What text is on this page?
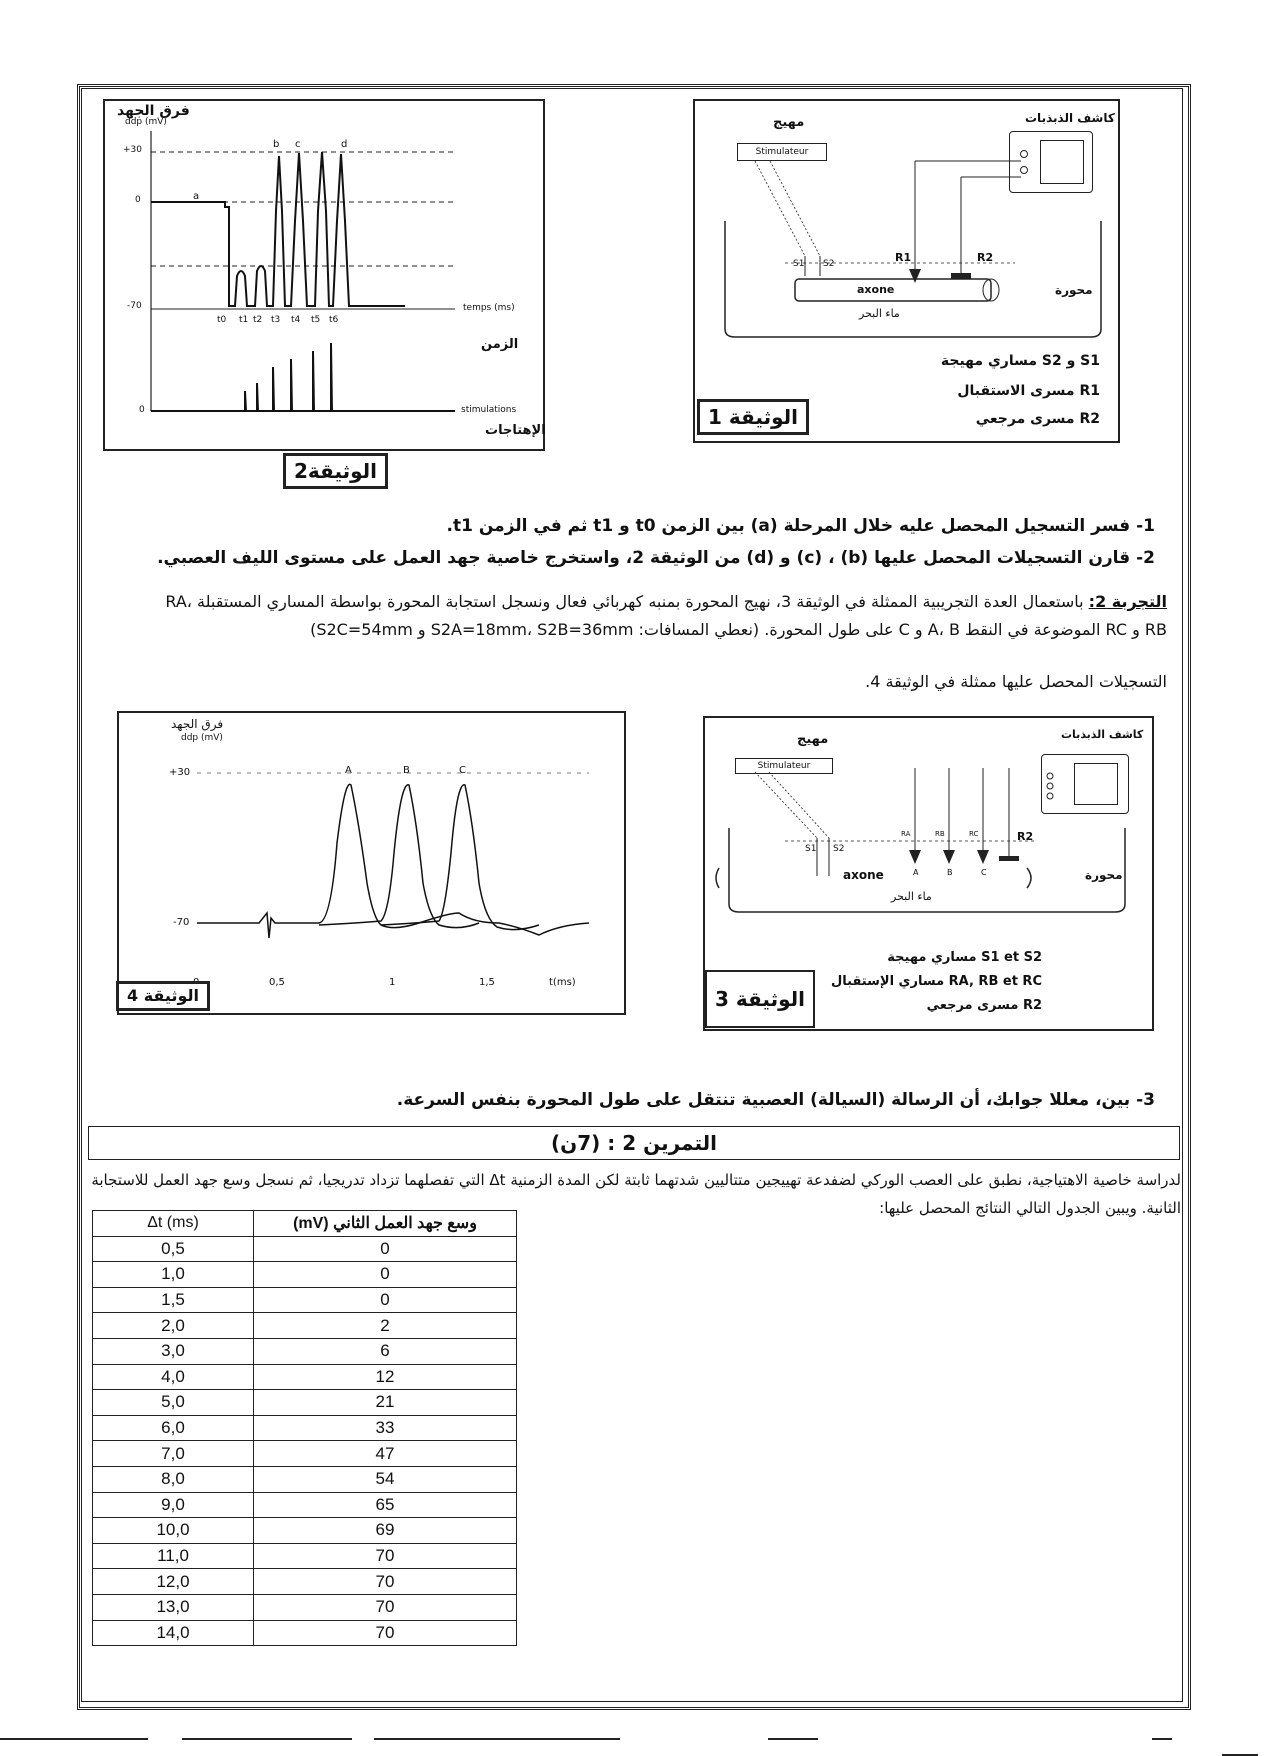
فرق الجهد
ddp (mV)
+30
0
-70
a
b c	d
temps (ms)
الزمن
t0 t1 t2 t3 t4 t5 t6
0	stimulations
الإهتاجات
الوثيقة2
كاشف الذبذبات
مهيج
Stimulateur
S1 S2	R1	R2
axone	محورة
ماء البحر
S1 و S2 مساري مهيجة
R1 مسرى الاستقبال
R2 مسرى مرجعي
الوثيقة 1
1- فسر التسجيل المحصل عليه خلال المرحلة (a) بين الزمن t0 و t1 ثم في الزمن t1.
2- قارن التسجيلات المحصل عليها (b) ، (c) و (d) من الوثيقة 2، واستخرج خاصية جهد العمل على مستوى الليف العصبي.
التجربة 2: باستعمال العدة التجريبية الممثلة في الوثيقة 3، نهيج المحورة بمنبه كهربائي فعال ونسجل استجابة المحورة بواسطة المساري المستقبلة RA، RB و RC الموضوعة في النقط A، B و C على طول المحورة. (نعطي المسافات: S2A=18mm، S2B=36mm و S2C=54mm)
التسجيلات المحصل عليها ممثلة في الوثيقة 4.
فرق الجهد
ddp (mV)
+30
-70
A	B	C
0,5	1	1,5	t(ms)
الوثيقة 4
كاشف الذبذبات
مهيج
Stimulateur
S1 S2
RA	RB	RC	R2
axone	A	B	C	محورة
ماء البحر
S1 et S2 مساري مهيجة
RA, RB et RC مساري الإستقبال
R2 مسرى مرجعي
الوثيقة 3
3- بين، معللا جوابك، أن الرسالة (السيالة) العصبية تنتقل على طول المحورة بنفس السرعة.
التمرين 2 : (7ن)
لدراسة خاصية الاهتياجية، نطبق على العصب الوركي لضفدعة تهييجين متتاليين شدتهما ثابتة لكن المدة الزمنية Δt التي تفصلهما تزداد تدريجيا، ثم نسجل وسع جهد العمل للاستجابة الثانية. ويبين الجدول التالي النتائج المحصل عليها:
Δt (ms)	وسع جهد العمل الثاني (mV)
0,5	0
1,0	0
1,5	0
2,0	2
3,0	6
4,0	12
5,0	21
6,0	33
7,0	47
8,0	54
9,0	65
10,0	69
11,0	70
12,0	70
13,0	70
14,0	70
